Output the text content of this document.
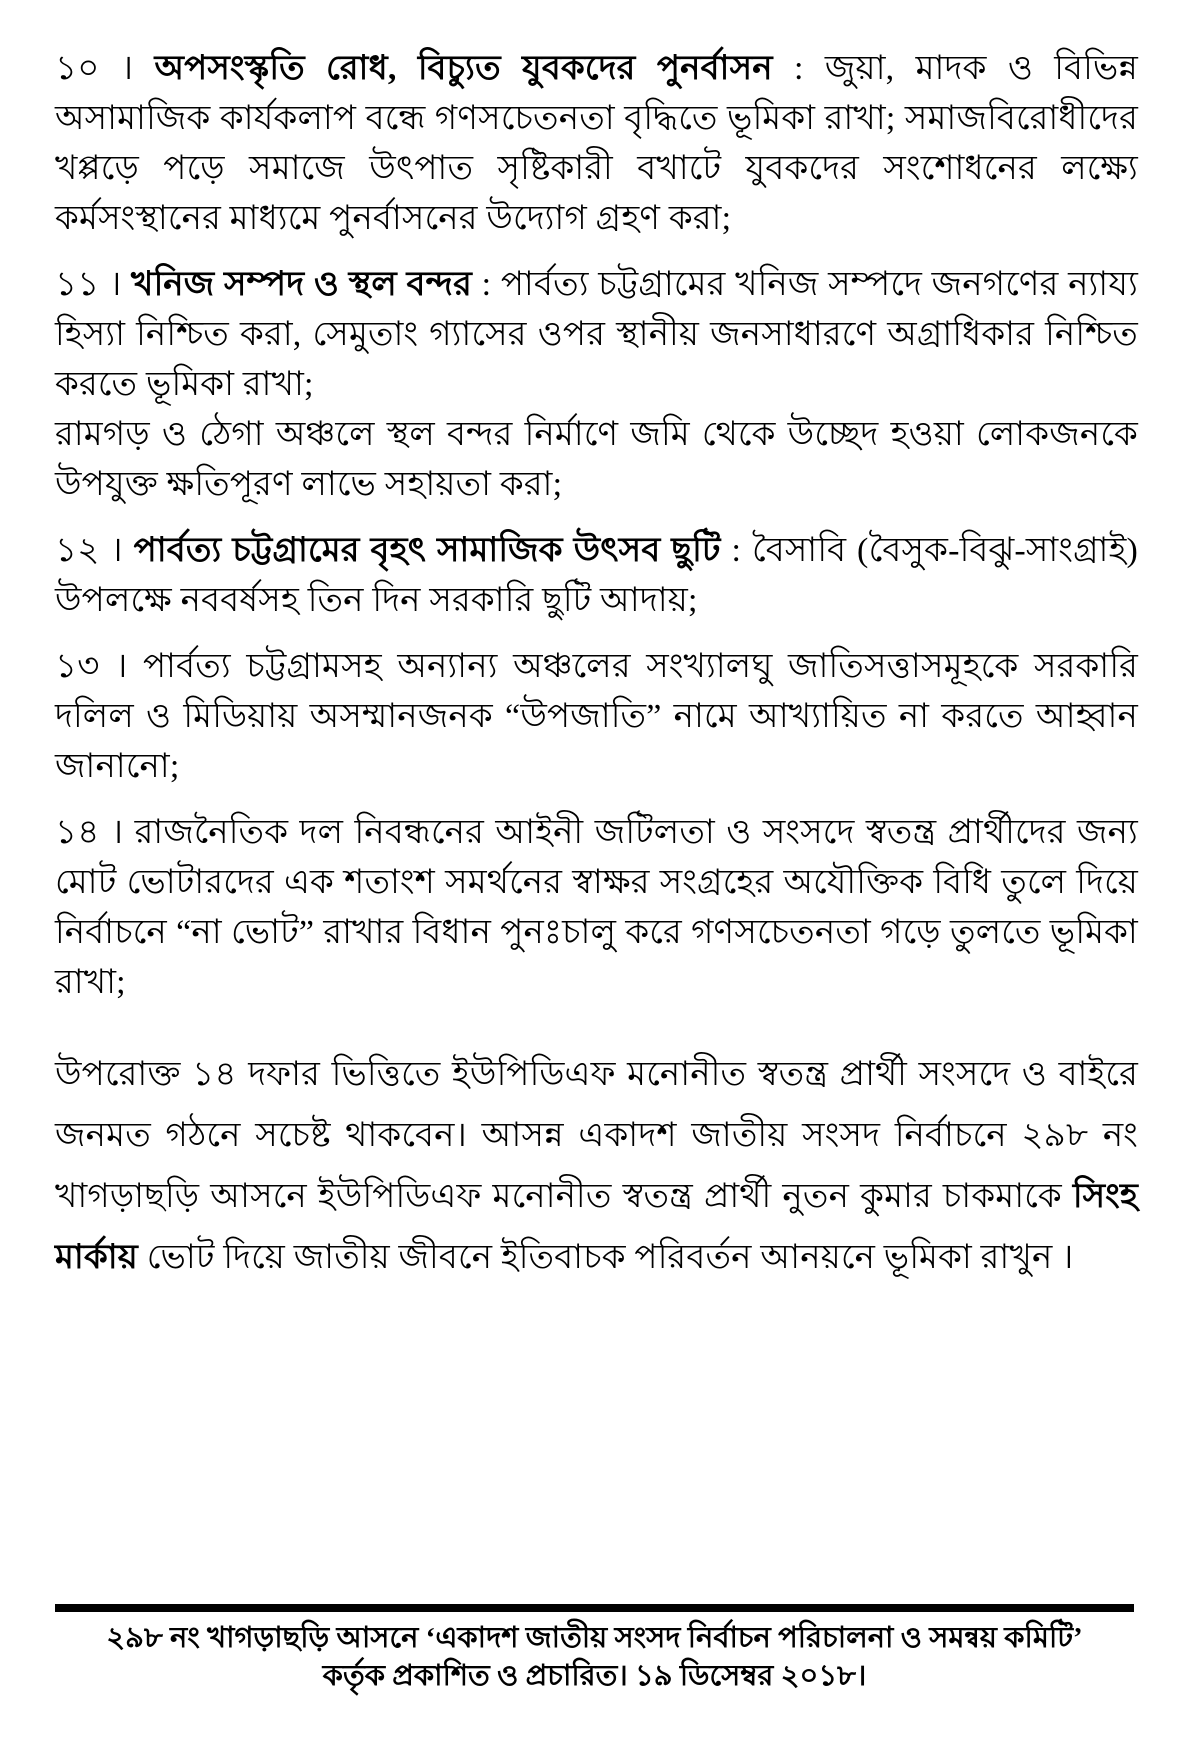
১০ । অপসংস্কৃতি রোধ, বিচ্যুত যুবকদের পুনর্বাসন : জুয়া, মাদক ও বিভিন্ন অসামাজিক কার্যকলাপ বন্ধে গণসচেতনতা বৃদ্ধিতে ভূমিকা রাখা; সমাজবিরোধীদের খপ্পড়ে পড়ে সমাজে উৎপাত সৃষ্টিকারী বখাটে যুবকদের সংশোধনের লক্ষ্যে কর্মসংস্থানের মাধ্যমে পুনর্বাসনের উদ্যোগ গ্রহণ করা;

১১ । খনিজ সম্পদ ও স্থল বন্দর : পার্বত্য চট্টগ্রামের খনিজ সম্পদে জনগণের ন্যায্য হিস্যা নিশ্চিত করা, সেমুতাং গ্যাসের ওপর স্থানীয় জনসাধারণে অগ্রাধিকার নিশ্চিত করতে ভূমিকা রাখা;
রামগড় ও ঠেগা অঞ্চলে স্থল বন্দর নির্মাণে জমি থেকে উচ্ছেদ হওয়া লোকজনকে উপযুক্ত ক্ষতিপূরণ লাভে সহায়তা করা;

১২ । পার্বত্য চট্টগ্রামের বৃহৎ সামাজিক উৎসব ছুটি : বৈসাবি (বৈসুক-বিঝু-সাংগ্রাই) উপলক্ষে নববর্ষসহ তিন দিন সরকারি ছুটি আদায়;

১৩ । পার্বত্য চট্টগ্রামসহ অন্যান্য অঞ্চলের সংখ্যালঘু জাতিসত্তাসমূহকে সরকারি দলিল ও মিডিয়ায় অসম্মানজনক “উপজাতি” নামে আখ্যায়িত না করতে আহ্বান জানানো;

১৪ । রাজনৈতিক দল নিবন্ধনের আইনী জটিলতা ও সংসদে স্বতন্ত্র প্রার্থীদের জন্য মোট ভোটারদের এক শতাংশ সমর্থনের স্বাক্ষর সংগ্রহের অযৌক্তিক বিধি তুলে দিয়ে নির্বাচনে “না ভোট” রাখার বিধান পুনঃচালু করে গণসচেতনতা গড়ে তুলতে ভূমিকা রাখা;

উপরোক্ত ১৪ দফার ভিত্তিতে ইউপিডিএফ মনোনীত স্বতন্ত্র প্রার্থী সংসদে ও বাইরে জনমত গঠনে সচেষ্ট থাকবেন। আসন্ন একাদশ জাতীয় সংসদ নির্বাচনে ২৯৮ নং খাগড়াছড়ি আসনে ইউপিডিএফ মনোনীত স্বতন্ত্র প্রার্থী নুতন কুমার চাকমাকে সিংহ মার্কায় ভোট দিয়ে জাতীয় জীবনে ইতিবাচক পরিবর্তন আনয়নে ভূমিকা রাখুন ।

২৯৮ নং খাগড়াছড়ি আসনে ‘একাদশ জাতীয় সংসদ নির্বাচন পরিচালনা ও সমন্বয় কমিটি’
কর্তৃক প্রকাশিত ও প্রচারিত। ১৯ ডিসেম্বর ২০১৮।
